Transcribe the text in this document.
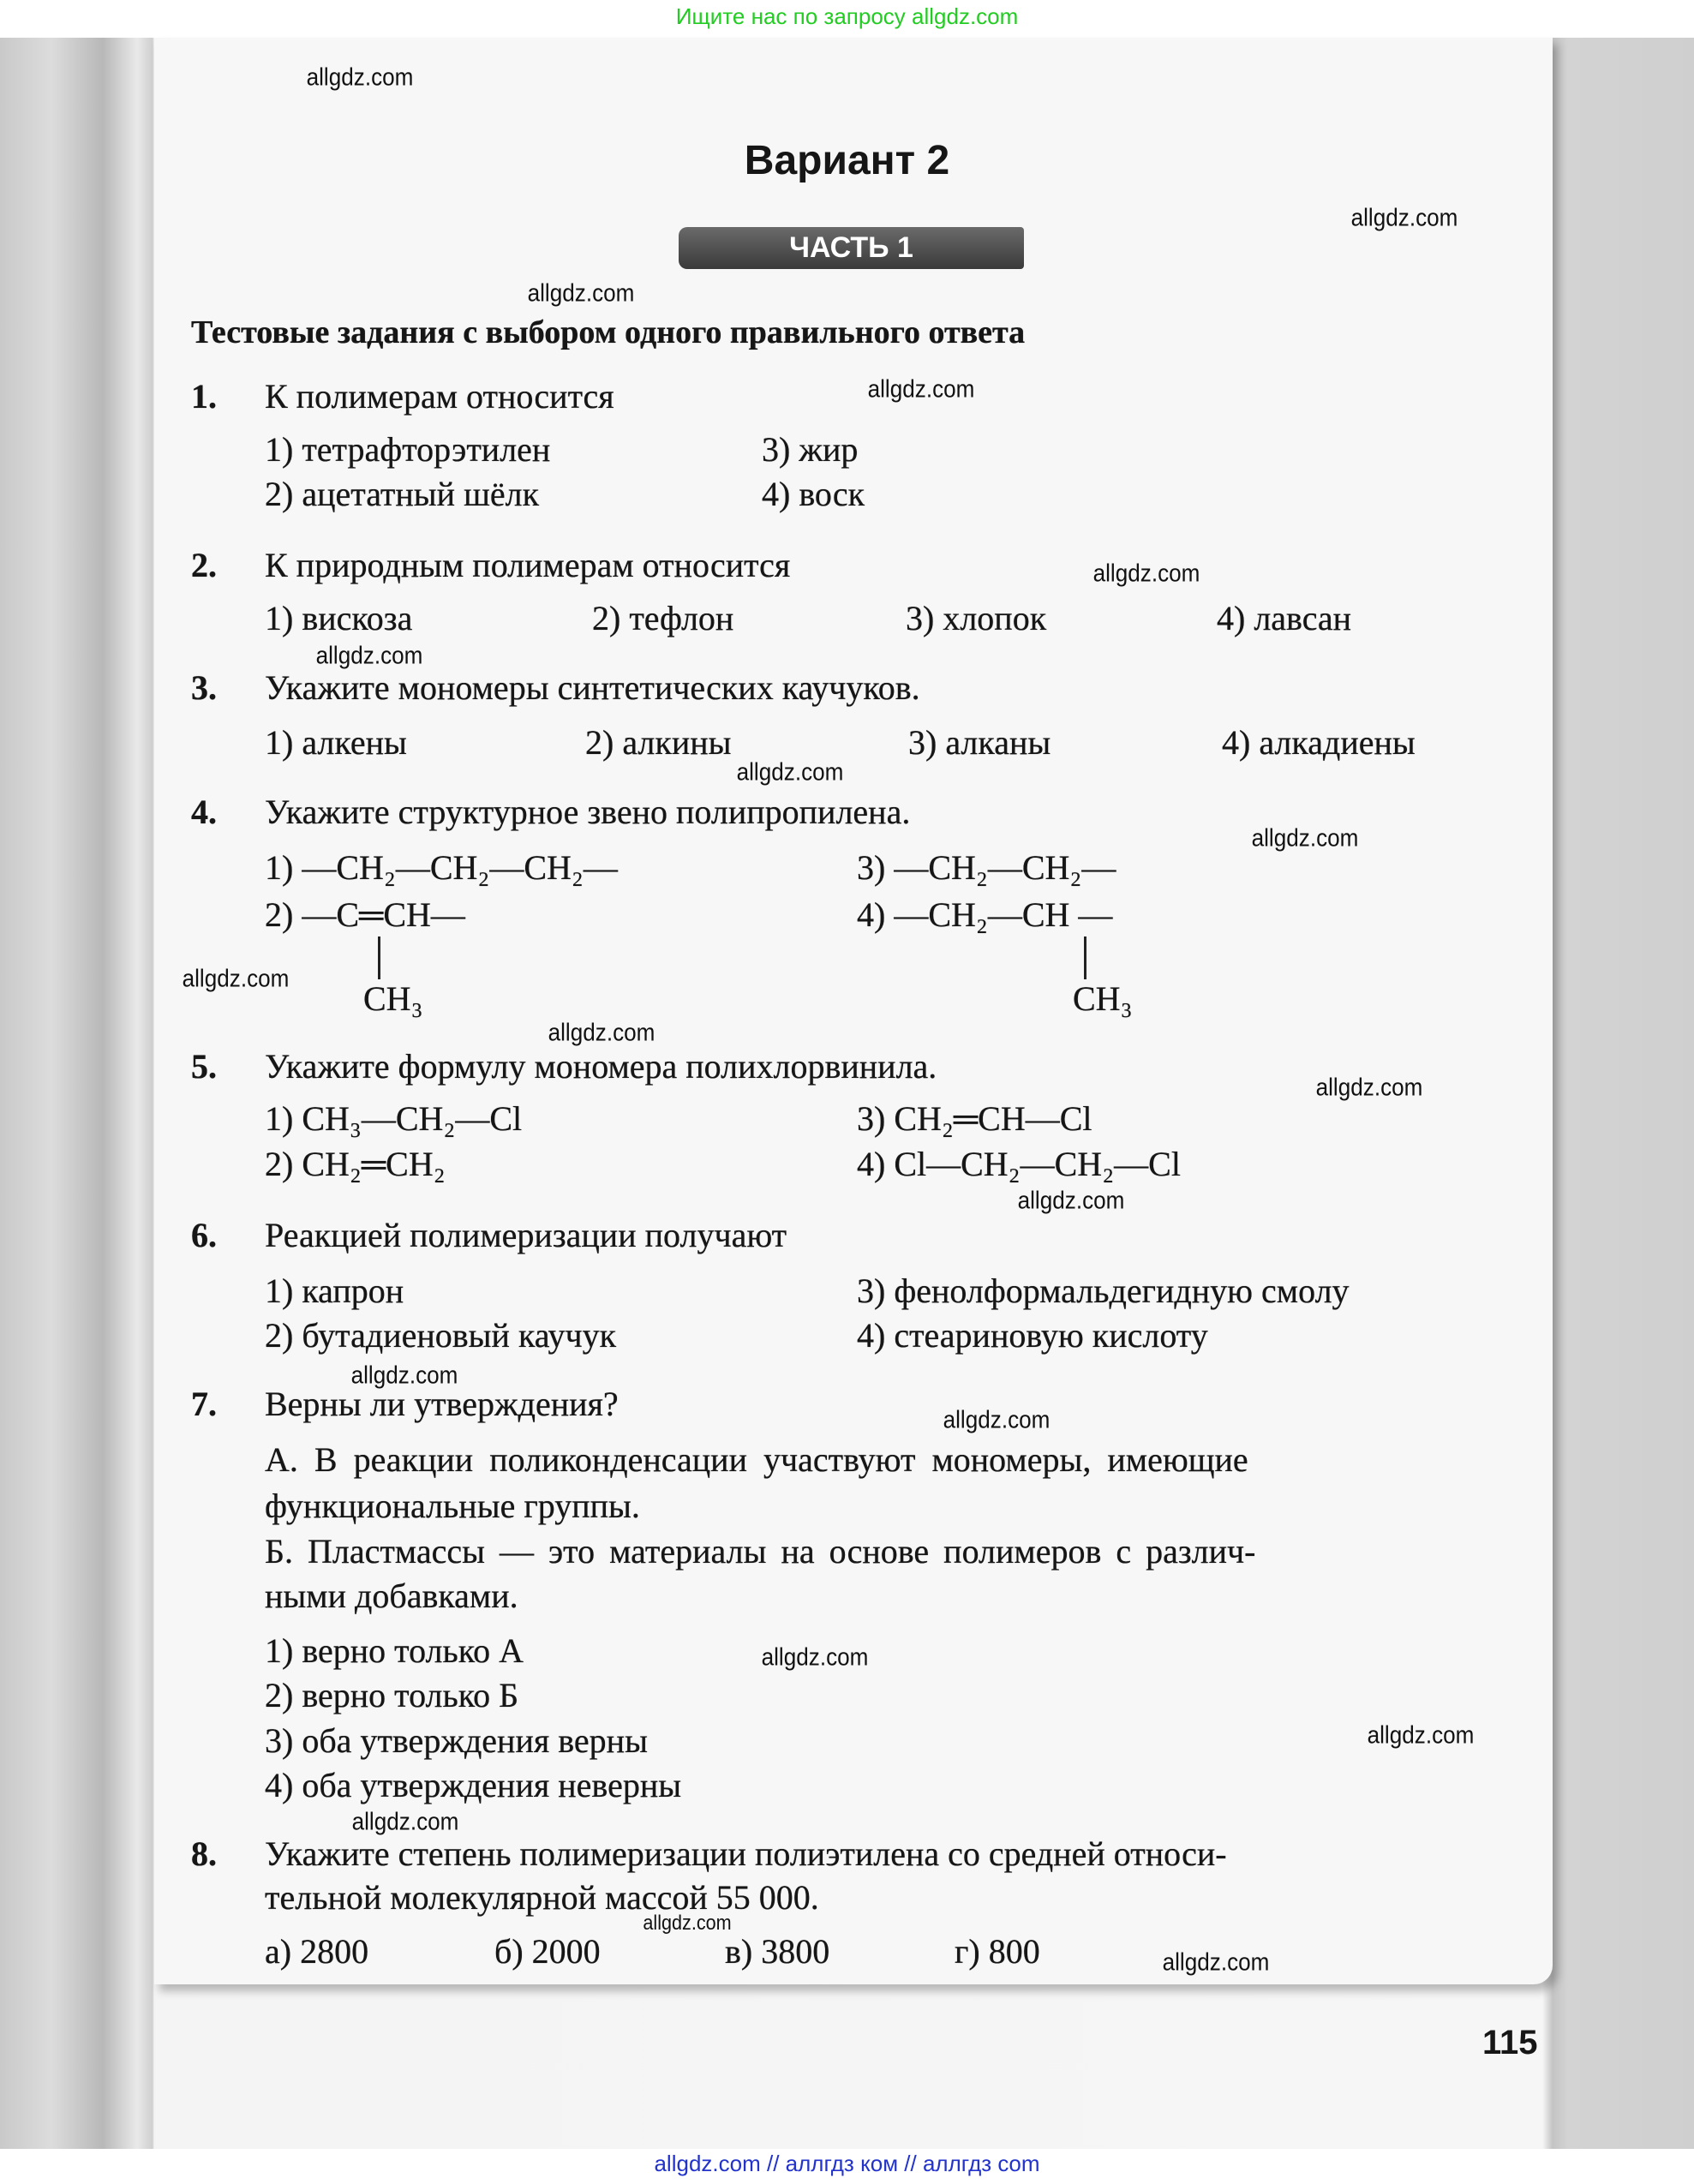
Ищите нас по запросу allgdz.com
Вариант 2
ЧАСТЬ 1
Тестовые задания с выбором одного правильного ответа
1. К полимерам относится
1) тетрафторэтилен
2) ацетатный шёлк
3) жир
4) воск
2. К природным полимерам относится
1) вискоза	2) тефлон	3) хлопок	4) лавсан
3. Укажите мономеры синтетических каучуков.
1) алкены	2) алкины	3) алканы	4) алкадиены
4. Укажите структурное звено полипропилена.
1) —CH₂—CH₂—CH₂—
2) —C═CH—
CH₃
3) —CH₂—CH₂—
4) —CH₂—CH —
CH₃
5. Укажите формулу мономера полихлорвинила.
1) CH₃—CH₂—Cl
2) CH₂═CH₂
3) CH₂═CH—Cl
4) Cl—CH₂—CH₂—Cl
6. Реакцией полимеризации получают
1) капрон
2) бутадиеновый каучук
3) фенолформальдегидную смолу
4) стеариновую кислоту
7. Верны ли утверждения?
А. В реакции поликонденсации участвуют мономеры, имеющие
функциональные группы.
Б. Пластмассы — это материалы на основе полимеров с различ-
ными добавками.
1) верно только А
2) верно только Б
3) оба утверждения верны
4) оба утверждения неверны
8. Укажите степень полимеризации полиэтилена со средней относи-
тельной молекулярной массой 55 000.
а) 2800	б) 2000	в) 3800	г) 800
115
allgdz.com
allgdz.com
allgdz.com
allgdz.com
allgdz.com
allgdz.com
allgdz.com
allgdz.com
allgdz.com
allgdz.com
allgdz.com
allgdz.com
allgdz.com
allgdz.com
allgdz.com
allgdz.com
allgdz.com
allgdz.com
allgdz.com
allgdz.com // аллгдз ком // аллгдз com
